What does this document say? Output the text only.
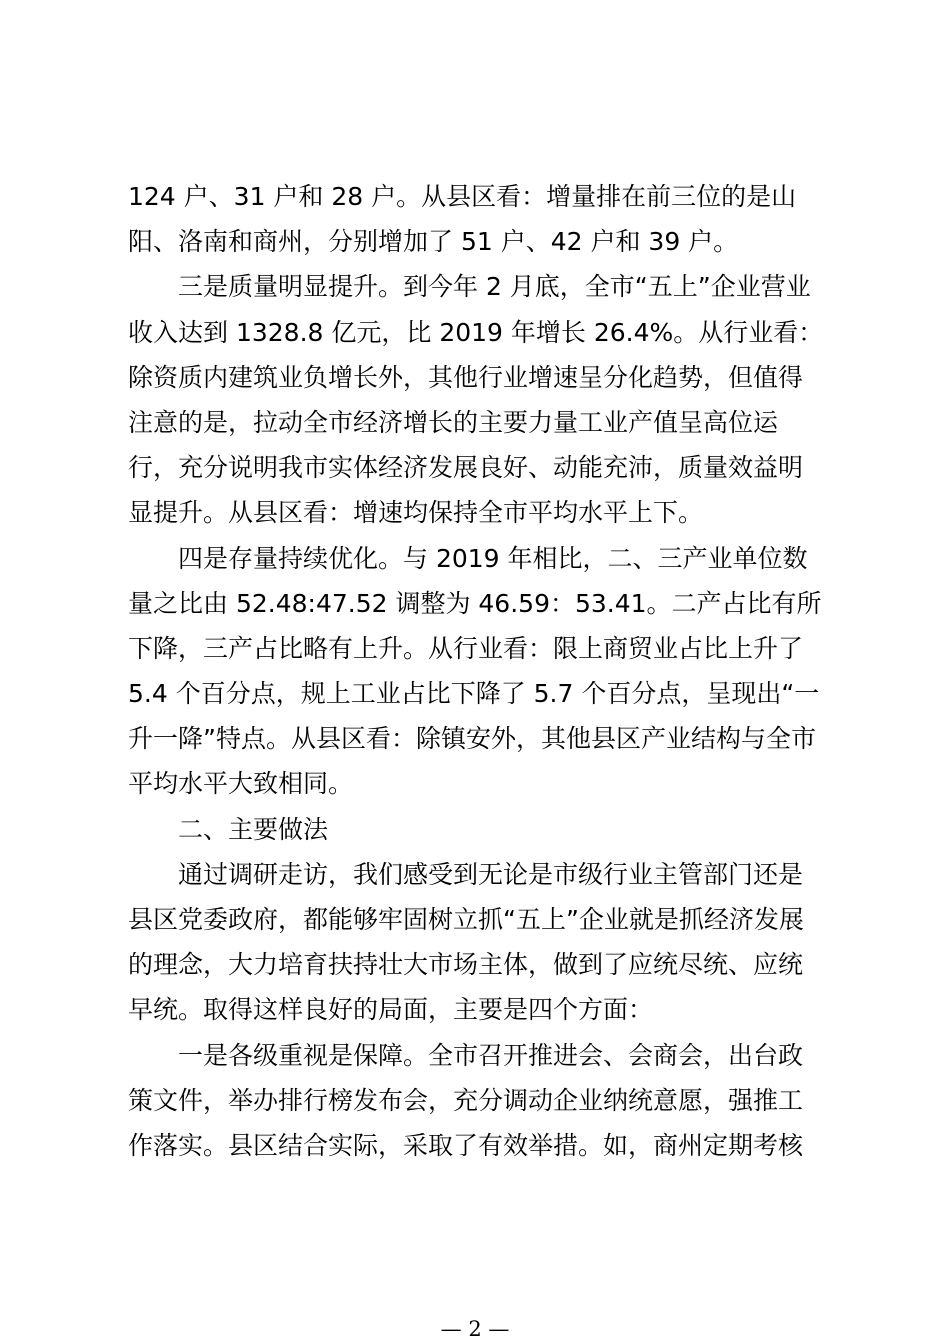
124 户、31 户和 28 户。从县区看：增量排在前三位的是山
阳、洛南和商州，分别增加了 51 户、42 户和 39 户。
三是质量明显提升。到今年 2 月底，全市“五上”企业营业
收入达到 1328.8 亿元，比 2019 年增长 26.4%。从行业看：
除资质内建筑业负增长外，其他行业增速呈分化趋势，但值得
注意的是，拉动全市经济增长的主要力量工业产值呈高位运
行，充分说明我市实体经济发展良好、动能充沛，质量效益明
显提升。从县区看：增速均保持全市平均水平上下。
四是存量持续优化。与 2019 年相比，二、三产业单位数
量之比由 52.48:47.52 调整为 46.59：53.41。二产占比有所
下降，三产占比略有上升。从行业看：限上商贸业占比上升了
5.4 个百分点，规上工业占比下降了 5.7 个百分点，呈现出“一
升一降”特点。从县区看：除镇安外，其他县区产业结构与全市
平均水平大致相同。
二、主要做法
通过调研走访，我们感受到无论是市级行业主管部门还是
县区党委政府，都能够牢固树立抓“五上”企业就是抓经济发展
的理念，大力培育扶持壮大市场主体，做到了应统尽统、应统
早统。取得这样良好的局面，主要是四个方面：
一是各级重视是保障。全市召开推进会、会商会，出台政
策文件，举办排行榜发布会，充分调动企业纳统意愿，强推工
作落实。县区结合实际，采取了有效举措。如，商州定期考核
— 2 —
